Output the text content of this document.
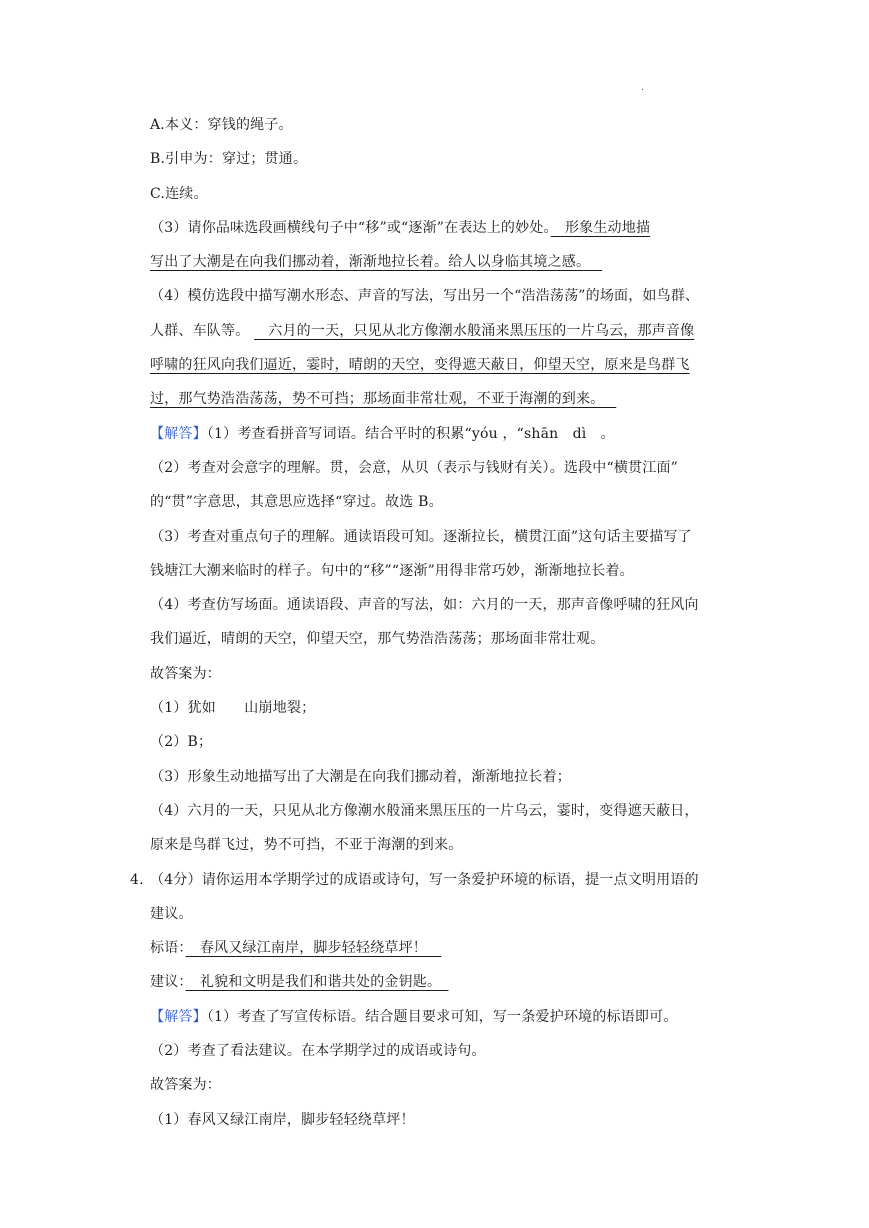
.
A.本义：穿钱的绳子。
B.引申为：穿过；贯通。
C.连续。
（3）请你品味选段画横线句子中“移”或“逐渐”在表达上的妙处。　 形象生动地描
写出了大潮是在向我们挪动着，渐渐地拉长着。给人以身临其境之感。　
（4）模仿选段中描写潮水形态、声音的写法，写出另一个“浩浩荡荡”的场面，如鸟群、
人群、车队等。 　 六月的一天，只见从北方像潮水般涌来黑压压的一片乌云，那声音像
呼啸的狂风向我们逼近，霎时，晴朗的天空，变得遮天蔽日，仰望天空，原来是鸟群飞
过，那气势浩浩荡荡，势不可挡；那场面非常壮观，不亚于海潮的到来。　
【解答】（1）考查看拼音写词语。结合平时的积累“yóu ，“shān　dì　。
（2）考查对会意字的理解。贯，会意，从贝（表示与钱财有关）。选段中“横贯江面”
的“贯”字意思，其意思应选择“穿过。故选 B。
（3）考查对重点句子的理解。通读语段可知。逐渐拉长，横贯江面”这句话主要描写了
钱塘江大潮来临时的样子。句中的“移”“逐渐”用得非常巧妙，渐渐地拉长着。
（4）考查仿写场面。通读语段、声音的写法，如：六月的一天，那声音像呼啸的狂风向
我们逼近，晴朗的天空，仰望天空，那气势浩浩荡荡；那场面非常壮观。
故答案为：
（1）犹如　　山崩地裂；
（2）B；
（3）形象生动地描写出了大潮是在向我们挪动着，渐渐地拉长着；
（4）六月的一天，只见从北方像潮水般涌来黑压压的一片乌云，霎时，变得遮天蔽日，
原来是鸟群飞过，势不可挡，不亚于海潮的到来。
4. （4分）请你运用本学期学过的成语或诗句，写一条爱护环境的标语，提一点文明用语的
建议。
标语：　 春风又绿江南岸，脚步轻轻绕草坪！　
建议：　 礼貌和文明是我们和谐共处的金钥匙。　
【解答】（1）考查了写宣传标语。结合题目要求可知，写一条爱护环境的标语即可。
（2）考查了看法建议。在本学期学过的成语或诗句。
故答案为：
（1）春风又绿江南岸，脚步轻轻绕草坪！
